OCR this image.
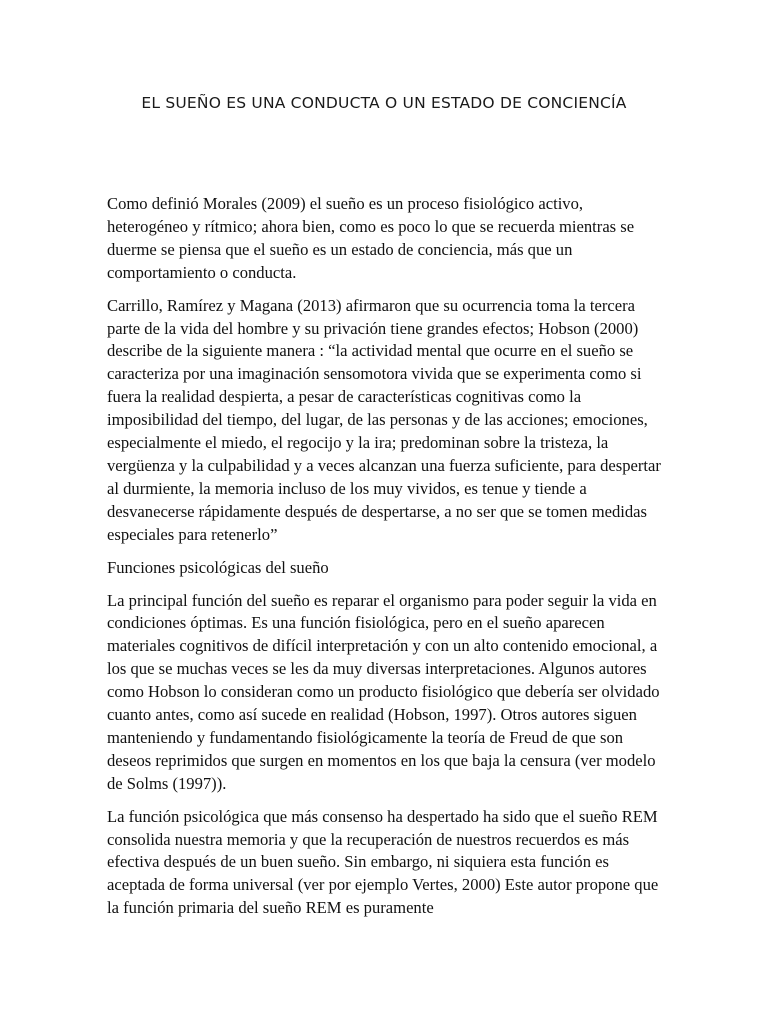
EL SUEÑO ES UNA CONDUCTA O UN ESTADO DE CONCIENCÍA

Como definió Morales (2009) el sueño es un proceso fisiológico activo, heterogéneo y rítmico; ahora bien, como es poco lo que se recuerda mientras se duerme se piensa que el sueño es un estado de conciencia, más que un comportamiento o conducta.

Carrillo, Ramírez y Magana (2013) afirmaron que su ocurrencia toma la tercera parte de la vida del hombre y su privación tiene grandes efectos; Hobson (2000) describe de la siguiente manera : “la actividad mental que ocurre en el sueño se caracteriza por una imaginación sensomotora vivida que se experimenta como si fuera la realidad despierta, a pesar de características cognitivas como la imposibilidad del tiempo, del lugar, de las personas y de las acciones; emociones, especialmente el miedo, el regocijo y la ira; predominan sobre la tristeza, la vergüenza y la culpabilidad y a veces alcanzan una fuerza suficiente, para despertar al durmiente, la memoria incluso de los muy vividos, es tenue y tiende a desvanecerse rápidamente después de despertarse, a no ser que se tomen medidas especiales para retenerlo”

Funciones psicológicas del sueño

La principal función del sueño es reparar el organismo para poder seguir la vida en condiciones óptimas. Es una función fisiológica, pero en el sueño aparecen materiales cognitivos de difícil interpretación y con un alto contenido emocional, a los que se muchas veces se les da muy diversas interpretaciones. Algunos autores como Hobson lo consideran como un producto fisiológico que debería ser olvidado cuanto antes, como así sucede en realidad (Hobson, 1997). Otros autores siguen manteniendo y fundamentando fisiológicamente la teoría de Freud de que son deseos reprimidos que surgen en momentos en los que baja la censura (ver modelo de Solms (1997)).

La función psicológica que más consenso ha despertado ha sido que el sueño REM consolida nuestra memoria y que la recuperación de nuestros recuerdos es más efectiva después de un buen sueño. Sin embargo, ni siquiera esta función es aceptada de forma universal (ver por ejemplo Vertes, 2000) Este autor propone que la función primaria del sueño REM es puramente
